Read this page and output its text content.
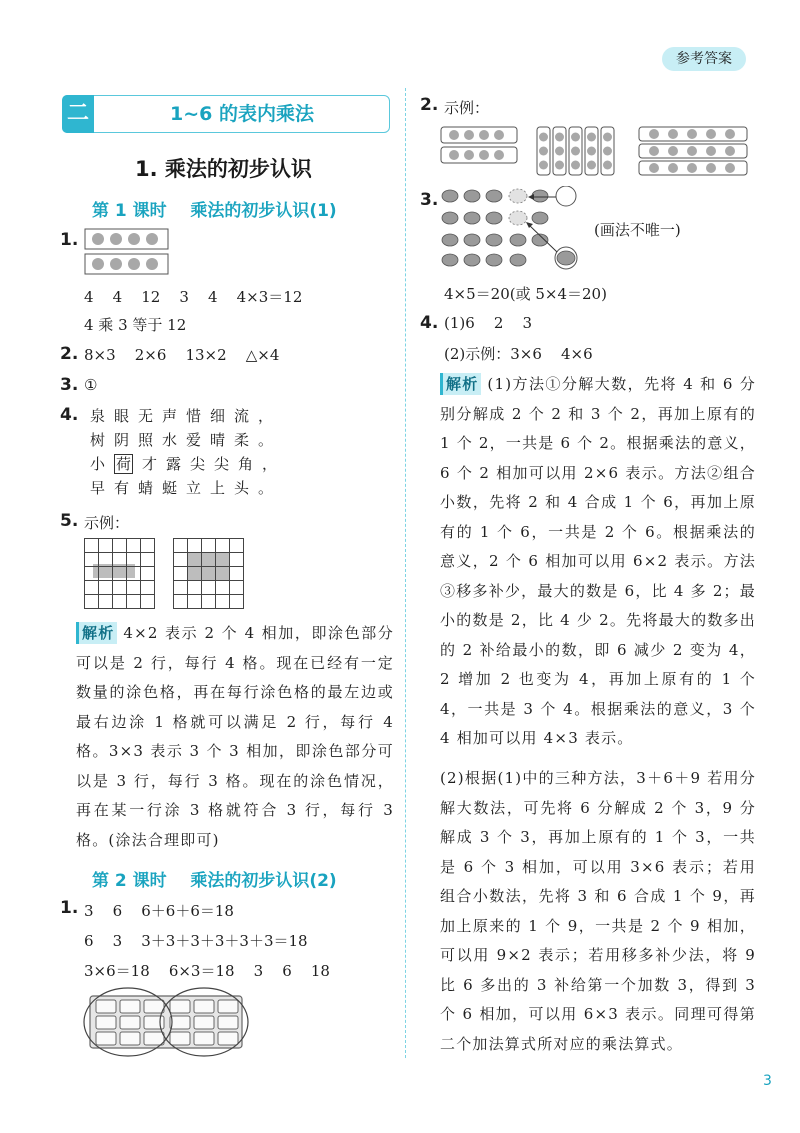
参考答案
二	1~6 的表内乘法
1. 乘法的初步认识
第 1 课时    乘法的初步认识(1)
1.
4    4    12    3    4    4×3＝12
4 乘 3 等于 12
2. 8×3    2×6    13×2    △×4
3. ①
4. 泉眼无声惜细流，
树阴照水爱晴柔。
小 荷 才露尖尖角，
早有蜻蜓立上头。
5. 示例：
解析 4×2 表示 2 个 4 相加，即涂色部分可以是 2 行，每行 4 格。现在已经有一定数量的涂色格，再在每行涂色格的最左边或最右边涂 1 格就可以满足 2 行，每行 4 格。3×3 表示 3 个 3 相加，即涂色部分可以是 3 行，每行 3 格。现在的涂色情况，再在某一行涂 3 格就符合 3 行，每行 3 格。(涂法合理即可)
第 2 课时    乘法的初步认识(2)
1. 3    6    6＋6＋6＝18
6    3    3＋3＋3＋3＋3＋3＝18
3×6＝18    6×3＝18    3    6    18
2. 示例：
3.
(画法不唯一)
4×5＝20(或 5×4＝20)
4. (1)6    2    3
(2)示例：3×6    4×6
解析 (1)方法①分解大数，先将 4 和 6 分别分解成 2 个 2 和 3 个 2，再加上原有的 1 个 2，一共是 6 个 2。根据乘法的意义，6 个 2 相加可以用 2×6 表示。方法②组合小数，先将 2 和 4 合成 1 个 6，再加上原有的 1 个 6，一共是 2 个 6。根据乘法的意义，2 个 6 相加可以用 6×2 表示。方法③移多补少，最大的数是 6，比 4 多 2；最小的数是 2，比 4 少 2。先将最大的数多出的 2 补给最小的数，即 6 减少 2 变为 4，2 增加 2 也变为 4，再加上原有的 1 个 4，一共是 3 个 4。根据乘法的意义，3 个 4 相加可以用 4×3 表示。
(2)根据(1)中的三种方法，3＋6＋9 若用分解大数法，可先将 6 分解成 2 个 3，9 分解成 3 个 3，再加上原有的 1 个 3，一共是 6 个 3 相加，可以用 3×6 表示；若用组合小数法，先将 3 和 6 合成 1 个 9，再加上原来的 1 个 9，一共是 2 个 9 相加，可以用 9×2 表示；若用移多补少法，将 9 比 6 多出的 3 补给第一个加数 3，得到 3 个 6 相加，可以用 6×3 表示。同理可得第二个加法算式所对应的乘法算式。
3
